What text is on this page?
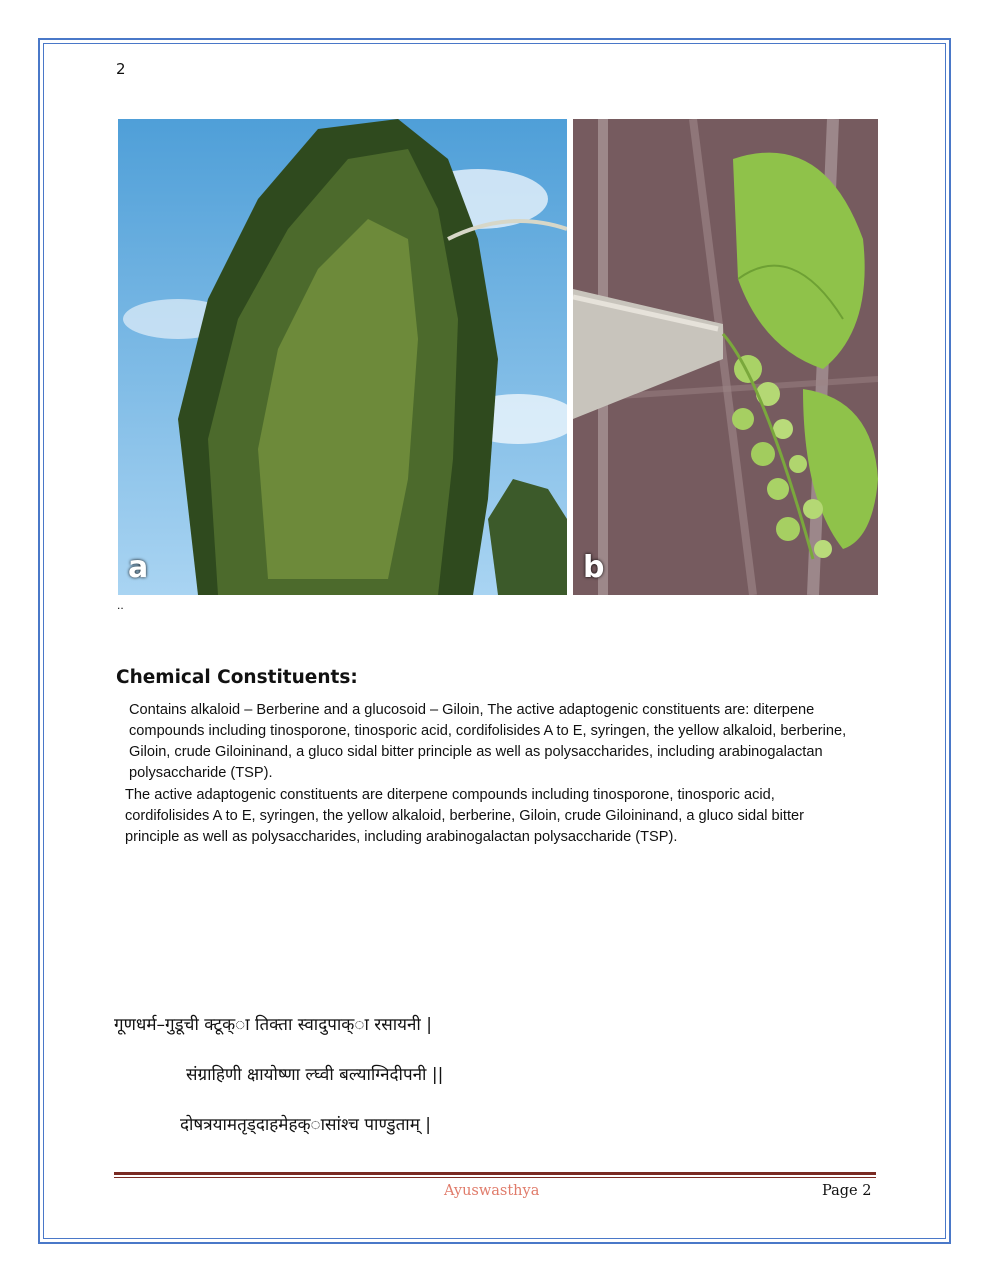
2
a	b
..
Chemical Constituents:

Contains alkaloid – Berberine and a glucosoid – Giloin, The active adaptogenic constituents are: diterpene compounds including tinosporone, tinosporic acid, cordifolisides A to E, syringen, the yellow alkaloid, berberine, Giloin, crude Giloininand, a gluco sidal bitter principle as well as polysaccharides, including arabinogalactan polysaccharide (TSP).

The active adaptogenic constituents are diterpene compounds including tinosporone, tinosporic acid, cordifolisides A to E, syringen, the yellow alkaloid, berberine, Giloin, crude Giloininand, a gluco sidal bitter principle as well as polysaccharides, including arabinogalactan polysaccharide (TSP).

गूणधर्म–गुडूची क्टूक्ा तिक्ता स्वादुपाक्ा रसायनी |
संग्राहिणी क्षायोष्णा ल्घ्वी बल्याग्निदीपनी ||
दोषत्रयामतृड्दाहमेहक्ासांश्च पाण्डुताम् |
Ayuswasthya	Page 2
